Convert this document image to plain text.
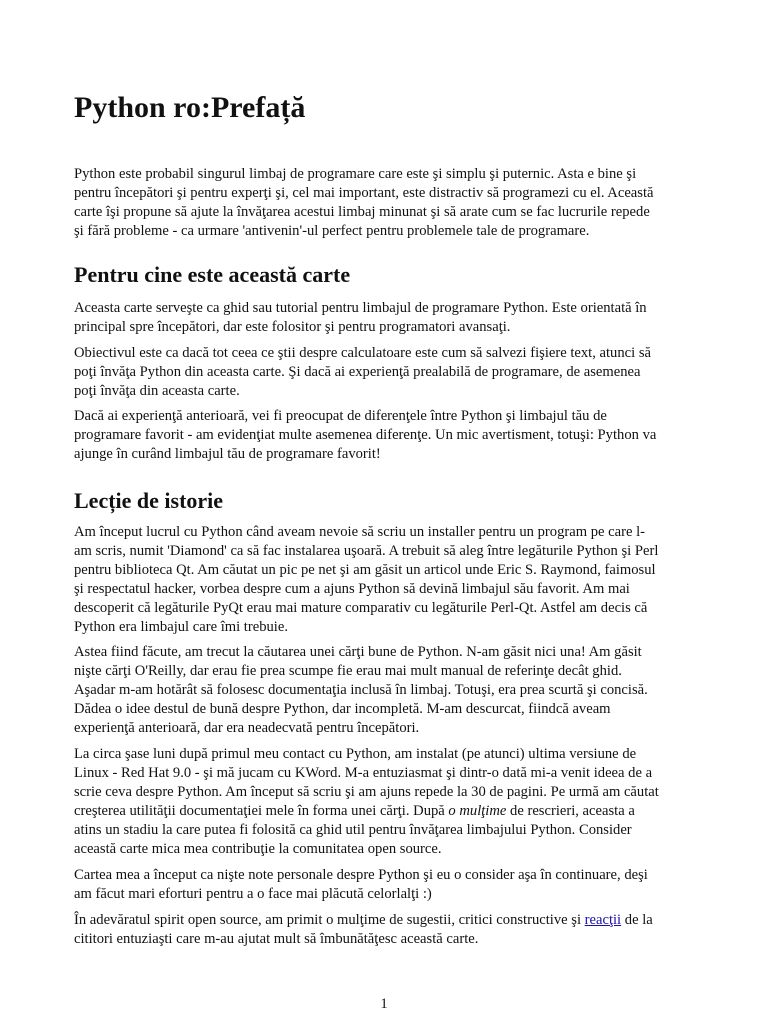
Python ro:Prefață
Python este probabil singurul limbaj de programare care este şi simplu şi puternic. Asta e bine şi
pentru începători şi pentru experţi şi, cel mai important, este distractiv să programezi cu el. Această
carte îşi propune să ajute la învăţarea acestui limbaj minunat şi să arate cum se fac lucrurile repede
şi fără probleme - ca urmare 'antivenin'-ul perfect pentru problemele tale de programare.
Pentru cine este această carte
Aceasta carte serveşte ca ghid sau tutorial pentru limbajul de programare Python. Este orientată în
principal spre începători, dar este folositor şi pentru programatori avansaţi.
Obiectivul este ca dacă tot ceea ce ştii despre calculatoare este cum să salvezi fişiere text, atunci să
poţi învăţa Python din aceasta carte. Şi dacă ai experienţă prealabilă de programare, de asemenea
poţi învăţa din aceasta carte.
Dacă ai experienţă anterioară, vei fi preocupat de diferenţele între Python şi limbajul tău de
programare favorit - am evidenţiat multe asemenea diferenţe. Un mic avertisment, totuşi: Python va
ajunge în curând limbajul tău de programare favorit!
Lecție de istorie
Am început lucrul cu Python când aveam nevoie să scriu un installer pentru un program pe care l-
am scris, numit 'Diamond' ca să fac instalarea uşoară. A trebuit să aleg între legăturile Python şi Perl
pentru biblioteca Qt. Am căutat un pic pe net şi am găsit un articol unde Eric S. Raymond, faimosul
şi respectatul hacker, vorbea despre cum a ajuns Python să devină limbajul său favorit. Am mai
descoperit că legăturile PyQt erau mai mature comparativ cu legăturile Perl-Qt. Astfel am decis că
Python era limbajul care îmi trebuie.
Astea fiind făcute, am trecut la căutarea unei cărţi bune de Python. N-am găsit nici una! Am găsit
nişte cărţi O'Reilly, dar erau fie prea scumpe fie erau mai mult manual de referinţe decât ghid.
Aşadar m-am hotărât să folosesc documentaţia inclusă în limbaj. Totuşi, era prea scurtă şi concisă.
Dădea o idee destul de bună despre Python, dar incompletă. M-am descurcat, fiindcă aveam
experienţă anterioară, dar era neadecvată pentru începători.
La circa şase luni după primul meu contact cu Python, am instalat (pe atunci) ultima versiune de
Linux - Red Hat 9.0 - şi mă jucam cu KWord. M-a entuziasmat şi dintr-o dată mi-a venit ideea de a
scrie ceva despre Python. Am început să scriu şi am ajuns repede la 30 de pagini. Pe urmă am căutat
creşterea utilităţii documentaţiei mele în forma unei cărţi. După o mulţime de rescrieri, aceasta a
atins un stadiu la care putea fi folosită ca ghid util pentru învăţarea limbajului Python. Consider
această carte mica mea contribuţie la comunitatea open source.
Cartea mea a început ca nişte note personale despre Python şi eu o consider aşa în continuare, deşi
am făcut mari eforturi pentru a o face mai plăcută celorlalţi :)
În adevăratul spirit open source, am primit o mulţime de sugestii, critici constructive şi reacţii de la
cititori entuziaşti care m-au ajutat mult să îmbunătăţesc această carte.
1
